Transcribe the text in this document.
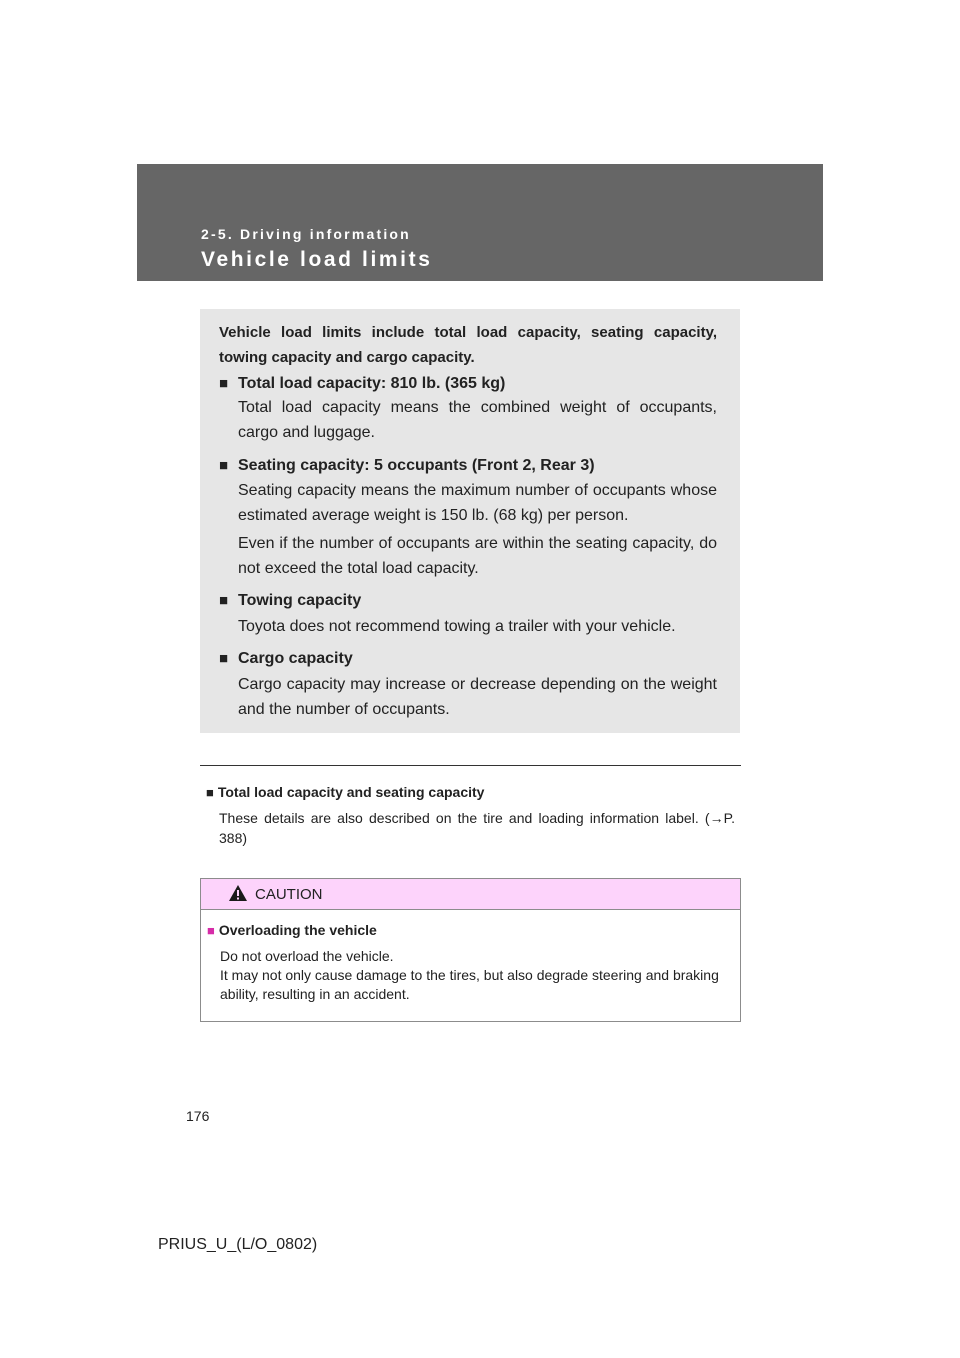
2-5. Driving information
Vehicle load limits
Vehicle load limits include total load capacity, seating capacity, towing capacity and cargo capacity.
■ Total load capacity: 810 lb. (365 kg)
Total load capacity means the combined weight of occupants, cargo and luggage.
■ Seating capacity: 5 occupants (Front 2, Rear 3)
Seating capacity means the maximum number of occupants whose estimated average weight is 150 lb. (68 kg) per person.
Even if the number of occupants are within the seating capacity, do not exceed the total load capacity.
■ Towing capacity
Toyota does not recommend towing a trailer with your vehicle.
■ Cargo capacity
Cargo capacity may increase or decrease depending on the weight and the number of occupants.
■ Total load capacity and seating capacity
These details are also described on the tire and loading information label. (→P. 388)
CAUTION
■ Overloading the vehicle
Do not overload the vehicle.
It may not only cause damage to the tires, but also degrade steering and braking ability, resulting in an accident.
176
PRIUS_U_(L/O_0802)
